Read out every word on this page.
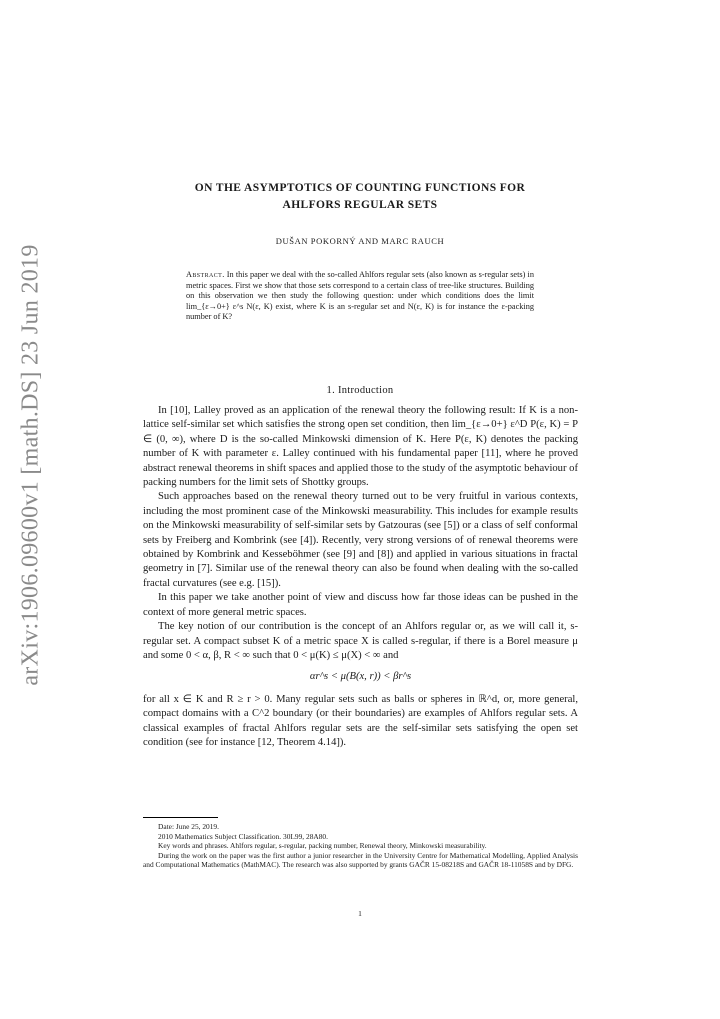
arXiv:1906.09600v1 [math.DS] 23 Jun 2019
ON THE ASYMPTOTICS OF COUNTING FUNCTIONS FOR
AHLFORS REGULAR SETS
DUŠAN POKORNÝ AND MARC RAUCH
Abstract. In this paper we deal with the so-called Ahlfors regular sets (also known as s-regular sets) in metric spaces. First we show that those sets correspond to a certain class of tree-like structures. Building on this observation we then study the following question: under which conditions does the limit lim_{ε→0+} ε^s N(ε, K) exist, where K is an s-regular set and N(ε, K) is for instance the ε-packing number of K?
1. Introduction

In [10], Lalley proved as an application of the renewal theory the following result: If K is a non-lattice self-similar set which satisfies the strong open set condition, then lim_{ε→0+} ε^D P(ε, K) = P ∈ (0, ∞), where D is the so-called Minkowski dimension of K. Here P(ε, K) denotes the packing number of K with parameter ε. Lalley continued with his fundamental paper [11], where he proved abstract renewal theorems in shift spaces and applied those to the study of the asymptotic behaviour of packing numbers for the limit sets of Shottky groups.

Such approaches based on the renewal theory turned out to be very fruitful in various contexts, including the most prominent case of the Minkowski measurability. This includes for example results on the Minkowski measurability of self-similar sets by Gatzouras (see [5]) or a class of self conformal sets by Freiberg and Kombrink (see [4]). Recently, very strong versions of of renewal theorems were obtained by Kombrink and Kesseböhmer (see [9] and [8]) and applied in various situations in fractal geometry in [7]. Similar use of the renewal theory can also be found when dealing with the so-called fractal curvatures (see e.g. [15]).

In this paper we take another point of view and discuss how far those ideas can be pushed in the context of more general metric spaces.

The key notion of our contribution is the concept of an Ahlfors regular or, as we will call it, s-regular set. A compact subset K of a metric space X is called s-regular, if there is a Borel measure μ and some 0 < α, β, R < ∞ such that 0 < μ(K) ≤ μ(X) < ∞ and

αr^s < μ(B(x, r)) < βr^s

for all x ∈ K and R ≥ r > 0. Many regular sets such as balls or spheres in ℝ^d, or, more general, compact domains with a C^2 boundary (or their boundaries) are examples of Ahlfors regular sets. A classical examples of fractal Ahlfors regular sets are the self-similar sets satisfying the open set condition (see for instance [12, Theorem 4.14]).

Date: June 25, 2019.

2010 Mathematics Subject Classification. 30L99, 28A80.

Key words and phrases. Ahlfors regular, s-regular, packing number, Renewal theory, Minkowski measurability.

During the work on the paper was the first author a junior researcher in the University Centre for Mathematical Modelling, Applied Analysis and Computational Mathematics (MathMAC). The research was also supported by grants GAČR 15-08218S and GAČR 18-11058S and by DFG.

1
